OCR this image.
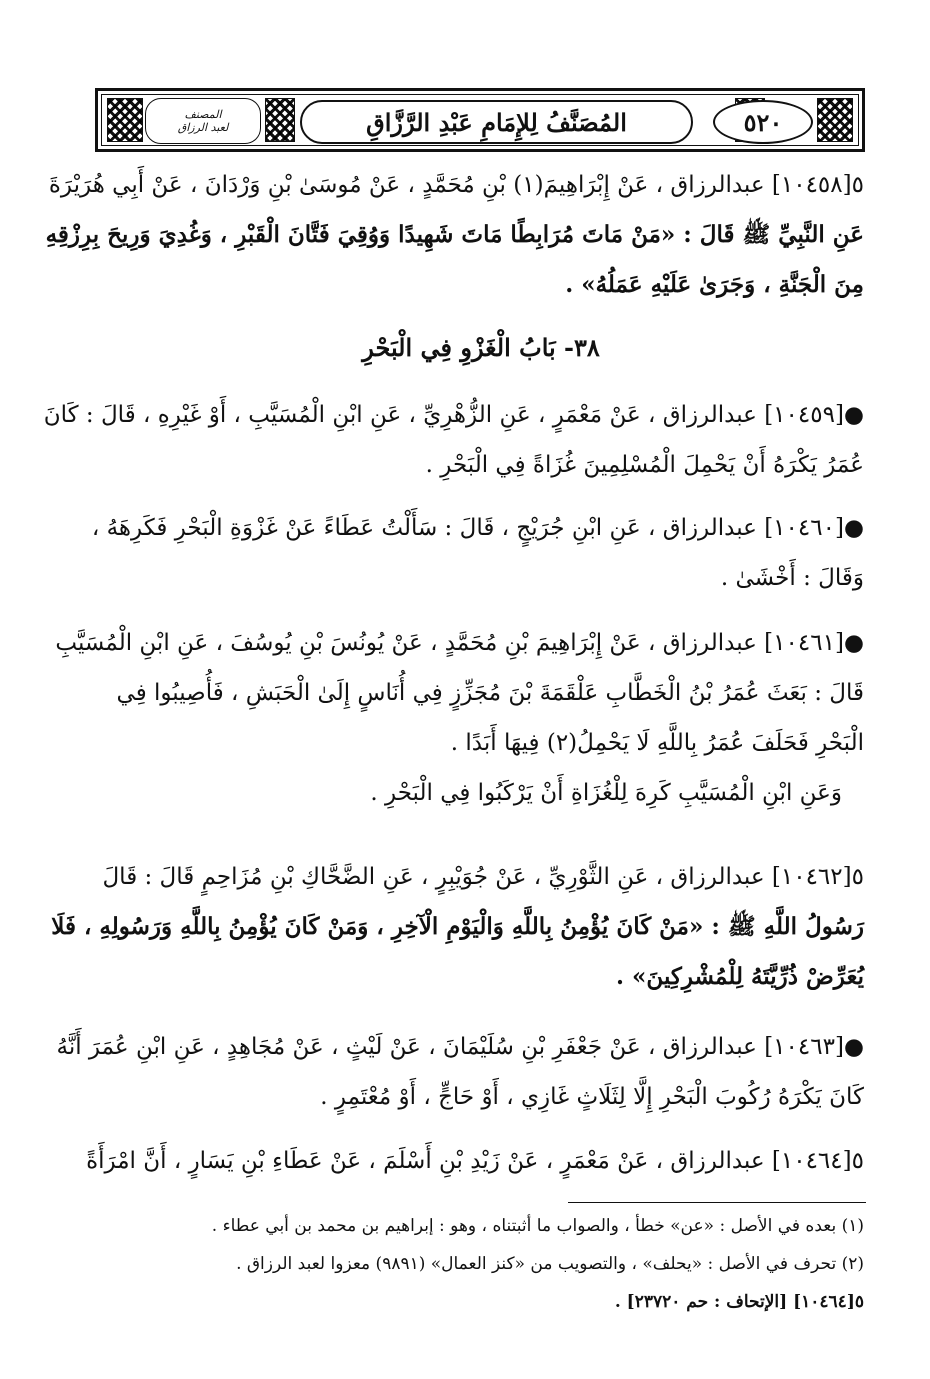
المصنف
لعبد الرزاق	المُصَنَّفُ لِلإِمَامِ عَبْدِ الرَّزَّاقِ	٥٢٠
٥[١٠٤٥٨] عبدالرزاق ، عَنْ إِبْرَاهِيمَ(١) بْنِ مُحَمَّدٍ ، عَنْ مُوسَىٰ بْنِ وَرْدَانَ ، عَنْ أَبِي هُرَيْرَةَ
عَنِ النَّبِيِّ ﷺ قَالَ : «مَنْ مَاتَ مُرَابِطًا مَاتَ شَهِيدًا وَوُقِيَ فَتَّانَ الْقَبْرِ ، وَغُدِيَ وَرِيحَ بِرِزْقِهِ
مِنَ الْجَنَّةِ ، وَجَرَىٰ عَلَيْهِ عَمَلُهُ» .
٣٨- بَابُ الْغَزْوِ فِي الْبَحْرِ
●[١٠٤٥٩] عبدالرزاق ، عَنْ مَعْمَرٍ ، عَنِ الزُّهْرِيِّ ، عَنِ ابْنِ الْمُسَيَّبِ ، أَوْ غَيْرِهِ ، قَالَ : كَانَ
عُمَرُ يَكْرَهُ أَنْ يَحْمِلَ الْمُسْلِمِينَ غُزَاةً فِي الْبَحْرِ .
●[١٠٤٦٠] عبدالرزاق ، عَنِ ابْنِ جُرَيْجٍ ، قَالَ : سَأَلْتُ عَطَاءً عَنْ غَزْوَةِ الْبَحْرِ فَكَرِهَهُ ،
وَقَالَ : أَخْشَىٰ .
●[١٠٤٦١] عبدالرزاق ، عَنْ إِبْرَاهِيمَ بْنِ مُحَمَّدٍ ، عَنْ يُونُسَ بْنِ يُوسُفَ ، عَنِ ابْنِ الْمُسَيَّبِ
قَالَ : بَعَثَ عُمَرُ بْنُ الْخَطَّابِ عَلْقَمَةَ بْنَ مُجَزِّزٍ فِي أُنَاسٍ إِلَىٰ الْحَبَشِ ، فَأُصِيبُوا فِي
الْبَحْرِ فَحَلَفَ عُمَرُ بِاللَّهِ لَا يَحْمِلُ(٢) فِيهَا أَبَدًا .
وَعَنِ ابْنِ الْمُسَيَّبِ كَرِهَ لِلْغُزَاةِ أَنْ يَرْكَبُوا فِي الْبَحْرِ .
٥[١٠٤٦٢] عبدالرزاق ، عَنِ الثَّوْرِيِّ ، عَنْ جُوَيْبِرٍ ، عَنِ الضَّحَّاكِ بْنِ مُزَاحِمٍ قَالَ : قَالَ
رَسُولُ اللَّهِ ﷺ : «مَنْ كَانَ يُؤْمِنُ بِاللَّهِ وَالْيَوْمِ الْآخِرِ ، وَمَنْ كَانَ يُؤْمِنُ بِاللَّهِ وَرَسُولِهِ ، فَلَا
يُعَرِّضْ ذُرِّيَّتَهُ لِلْمُشْرِكِينَ» .
●[١٠٤٦٣] عبدالرزاق ، عَنْ جَعْفَرِ بْنِ سُلَيْمَانَ ، عَنْ لَيْثٍ ، عَنْ مُجَاهِدٍ ، عَنِ ابْنِ عُمَرَ أَنَّهُ
كَانَ يَكْرَهُ رُكُوبَ الْبَحْرِ إِلَّا لِثَلَاثٍ غَازِي ، أَوْ حَاجٍّ ، أَوْ مُعْتَمِرٍ .
٥[١٠٤٦٤] عبدالرزاق ، عَنْ مَعْمَرٍ ، عَنْ زَيْدِ بْنِ أَسْلَمَ ، عَنْ عَطَاءِ بْنِ يَسَارٍ ، أَنَّ امْرَأَةً
(١) بعده في الأصل : «عن» خطأ ، والصواب ما أثبتناه ، وهو : إبراهيم بن محمد بن أبي عطاء .
(٢) تحرف في الأصل : «يحلف» ، والتصويب من «كنز العمال» (٩٨٩١) معزوا لعبد الرزاق .
٥[١٠٤٦٤] [الإتحاف : حم ٢٣٧٢٠] .
